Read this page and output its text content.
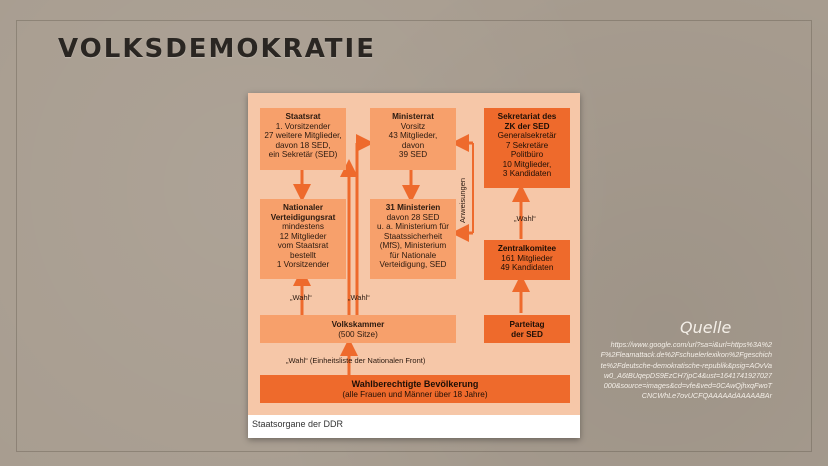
VOLKSDEMOKRATIE
Staatsrat
1. Vorsitzender
27 weitere Mitglieder,
davon 18 SED,
ein Sekretär (SED)
Ministerrat
Vorsitz
43 Mitglieder,
davon
39 SED
Sekretariat des
ZK der SED
Generalsekretär
7 Sekretäre
Politbüro
10 Mitglieder,
3 Kandidaten
Nationaler
Verteidigungsrat
mindestens
12 Mitglieder
vom Staatsrat
bestellt
1 Vorsitzender
31 Ministerien
davon 28 SED
u. a. Ministerium für
Staatssicherheit
(MfS), Ministerium
für Nationale
Verteidigung, SED
Zentralkomitee
161 Mitglieder
49 Kandidaten
Volkskammer
(500 Sitze)
Parteitag
der SED
Wahlberechtigte Bevölkerung
(alle Frauen und Männer über 18 Jahre)
„Wahl“	„Wahl“
„Wahl“
„Wahl“ (Einheitsliste der Nationalen Front)
Anweisungen
Staatsorgane der DDR
Quelle
https://www.google.com/url?sa=i&url=https%3A%2F%2Fleamattack.de%2Fschuelerlexikon%2Fgeschichte%2Fdeutsche-demokratische-republik&psig=AOvVaw0_A6tBUqepDS9EzCH7jpC4&ust=1641741927027000&source=images&cd=vfe&ved=0CAwQjhxqFwoTCNCWhLe7ovUCFQAAAAAdAAAAABAr
